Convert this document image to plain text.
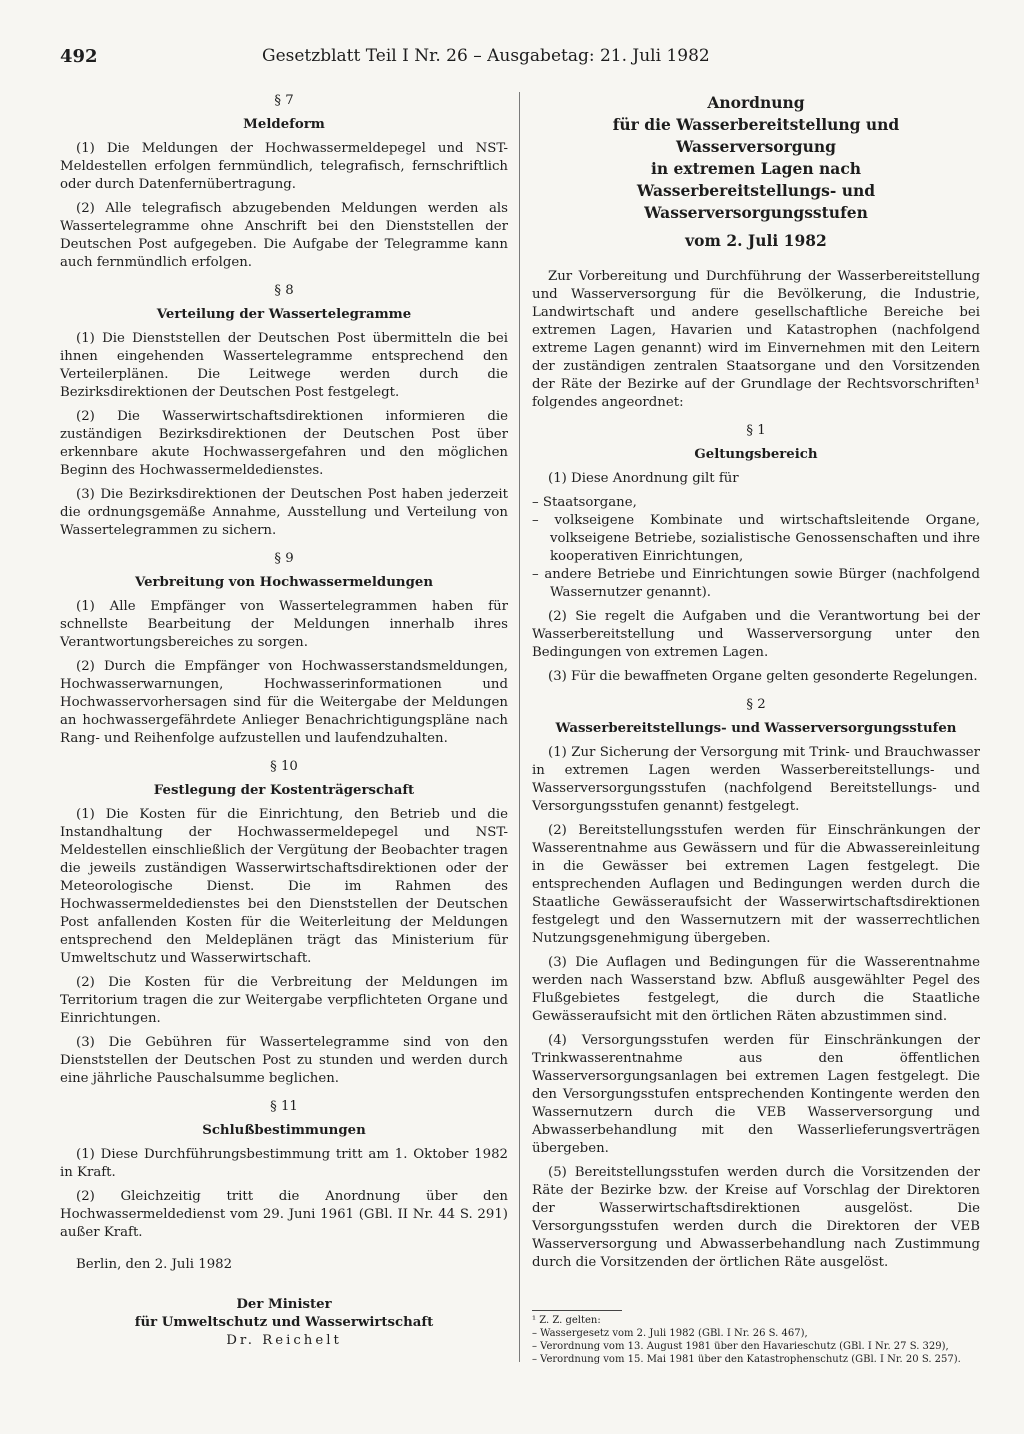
492	Gesetzblatt Teil I Nr. 26 – Ausgabetag: 21. Juli 1982
§ 7
Meldeform

(1) Die Meldungen der Hochwassermeldepegel und NST-Meldestellen erfolgen fernmündlich, telegrafisch, fernschriftlich oder durch Datenfernübertragung.

(2) Alle telegrafisch abzugebenden Meldungen werden als Wassertelegramme ohne Anschrift bei den Dienststellen der Deutschen Post aufgegeben. Die Aufgabe der Telegramme kann auch fernmündlich erfolgen.

§ 8
Verteilung der Wassertelegramme

(1) Die Dienststellen der Deutschen Post übermitteln die bei ihnen eingehenden Wassertelegramme entsprechend den Verteilerplänen. Die Leitwege werden durch die Bezirksdirektionen der Deutschen Post festgelegt.

(2) Die Wasserwirtschaftsdirektionen informieren die zuständigen Bezirksdirektionen der Deutschen Post über erkennbare akute Hochwassergefahren und den möglichen Beginn des Hochwassermeldedienstes.

(3) Die Bezirksdirektionen der Deutschen Post haben jederzeit die ordnungsgemäße Annahme, Ausstellung und Verteilung von Wassertelegrammen zu sichern.

§ 9
Verbreitung von Hochwassermeldungen

(1) Alle Empfänger von Wassertelegrammen haben für schnellste Bearbeitung der Meldungen innerhalb ihres Verantwortungsbereiches zu sorgen.

(2) Durch die Empfänger von Hochwasserstandsmeldungen, Hochwasserwarnungen, Hochwasserinformationen und Hochwasservorhersagen sind für die Weitergabe der Meldungen an hochwassergefährdete Anlieger Benachrichtigungspläne nach Rang- und Reihenfolge aufzustellen und laufendzuhalten.

§ 10
Festlegung der Kostenträgerschaft

(1) Die Kosten für die Einrichtung, den Betrieb und die Instandhaltung der Hochwassermeldepegel und NST-Meldestellen einschließlich der Vergütung der Beobachter tragen die jeweils zuständigen Wasserwirtschaftsdirektionen oder der Meteorologische Dienst. Die im Rahmen des Hochwassermeldedienstes bei den Dienststellen der Deutschen Post anfallenden Kosten für die Weiterleitung der Meldungen entsprechend den Meldeplänen trägt das Ministerium für Umweltschutz und Wasserwirtschaft.

(2) Die Kosten für die Verbreitung der Meldungen im Territorium tragen die zur Weitergabe verpflichteten Organe und Einrichtungen.

(3) Die Gebühren für Wassertelegramme sind von den Dienststellen der Deutschen Post zu stunden und werden durch eine jährliche Pauschalsumme beglichen.

§ 11
Schlußbestimmungen

(1) Diese Durchführungsbestimmung tritt am 1. Oktober 1982 in Kraft.

(2) Gleichzeitig tritt die Anordnung über den Hochwassermeldedienst vom 29. Juni 1961 (GBl. II Nr. 44 S. 291) außer Kraft.

Berlin, den 2. Juli 1982

Der Minister

für Umweltschutz und Wasserwirtschaft

Dr. Reichelt

Anordnung

für die Wasserbereitstellung und Wasserversorgung

in extremen Lagen nach

Wasserbereitstellungs- und Wasserversorgungsstufen

vom 2. Juli 1982

Zur Vorbereitung und Durchführung der Wasserbereitstellung und Wasserversorgung für die Bevölkerung, die Industrie, Landwirtschaft und andere gesellschaftliche Bereiche bei extremen Lagen, Havarien und Katastrophen (nachfolgend extreme Lagen genannt) wird im Einvernehmen mit den Leitern der zuständigen zentralen Staatsorgane und den Vorsitzenden der Räte der Bezirke auf der Grundlage der Rechtsvorschriften¹ folgendes angeordnet:

§ 1
Geltungsbereich

(1) Diese Anordnung gilt für

– Staatsorgane,

– volkseigene Kombinate und wirtschaftsleitende Organe, volkseigene Betriebe, sozialistische Genossenschaften und ihre kooperativen Einrichtungen,

– andere Betriebe und Einrichtungen sowie Bürger (nachfolgend Wassernutzer genannt).

(2) Sie regelt die Aufgaben und die Verantwortung bei der Wasserbereitstellung und Wasserversorgung unter den Bedingungen von extremen Lagen.

(3) Für die bewaffneten Organe gelten gesonderte Regelungen.

§ 2
Wasserbereitstellungs- und Wasserversorgungsstufen

(1) Zur Sicherung der Versorgung mit Trink- und Brauchwasser in extremen Lagen werden Wasserbereitstellungs- und Wasserversorgungsstufen (nachfolgend Bereitstellungs- und Versorgungsstufen genannt) festgelegt.

(2) Bereitstellungsstufen werden für Einschränkungen der Wasserentnahme aus Gewässern und für die Abwassereinleitung in die Gewässer bei extremen Lagen festgelegt. Die entsprechenden Auflagen und Bedingungen werden durch die Staatliche Gewässeraufsicht der Wasserwirtschaftsdirektionen festgelegt und den Wassernutzern mit der wasserrechtlichen Nutzungsgenehmigung übergeben.

(3) Die Auflagen und Bedingungen für die Wasserentnahme werden nach Wasserstand bzw. Abfluß ausgewählter Pegel des Flußgebietes festgelegt, die durch die Staatliche Gewässeraufsicht mit den örtlichen Räten abzustimmen sind.

(4) Versorgungsstufen werden für Einschränkungen der Trinkwasserentnahme aus den öffentlichen Wasserversorgungsanlagen bei extremen Lagen festgelegt. Die den Versorgungsstufen entsprechenden Kontingente werden den Wassernutzern durch die VEB Wasserversorgung und Abwasserbehandlung mit den Wasserlieferungsverträgen übergeben.

(5) Bereitstellungsstufen werden durch die Vorsitzenden der Räte der Bezirke bzw. der Kreise auf Vorschlag der Direktoren der Wasserwirtschaftsdirektionen ausgelöst. Die Versorgungsstufen werden durch die Direktoren der VEB Wasserversorgung und Abwasserbehandlung nach Zustimmung durch die Vorsitzenden der örtlichen Räte ausgelöst.

¹ Z. Z. gelten:

– Wassergesetz vom 2. Juli 1982 (GBl. I Nr. 26 S. 467),

– Verordnung vom 13. August 1981 über den Havarieschutz (GBl. I Nr. 27 S. 329),

– Verordnung vom 15. Mai 1981 über den Katastrophenschutz (GBl. I Nr. 20 S. 257).
